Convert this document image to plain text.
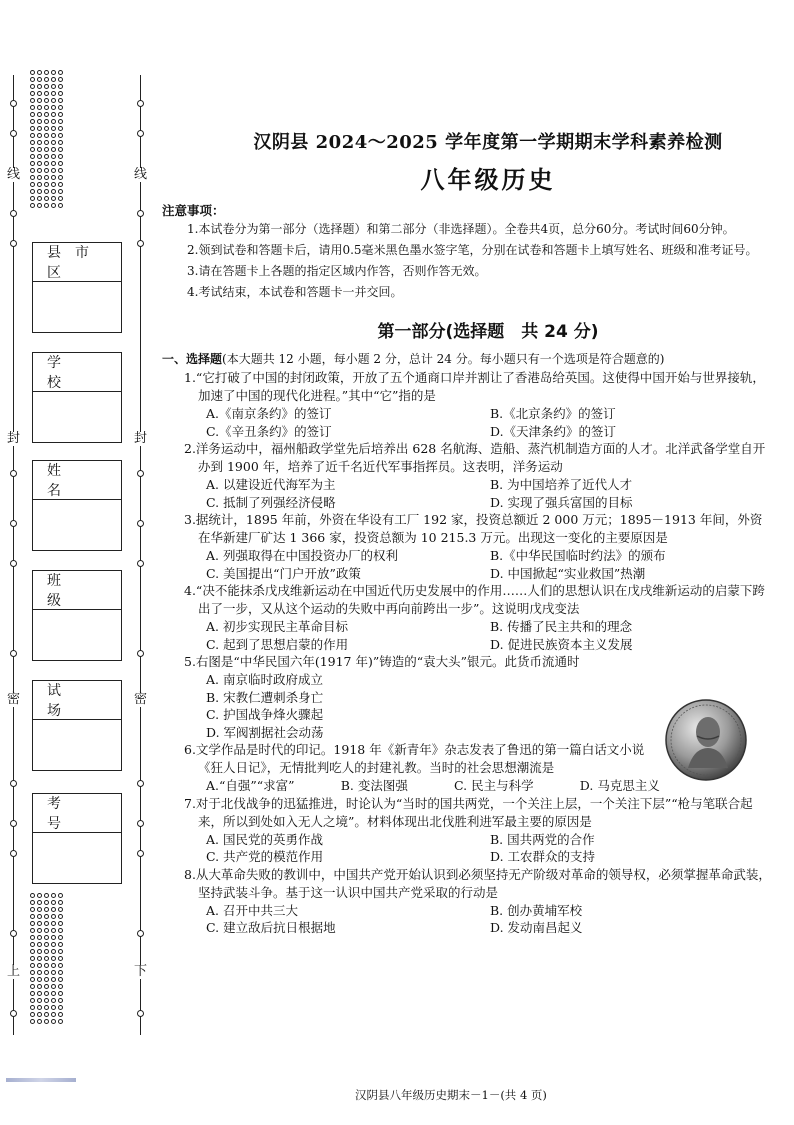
线	线
封	封
密	密
上	下
县市区
学 校
姓 名
班 级
试 场
考 号
汉阴县 2024～2025 学年度第一学期期末学科素养检测
八年级历史
注意事项：
1.本试卷分为第一部分（选择题）和第二部分（非选择题）。全卷共4页，总分60分。考试时间60分钟。
2.领到试卷和答题卡后，请用0.5毫米黑色墨水签字笔，分别在试卷和答题卡上填写姓名、班级和准考证号。
3.请在答题卡上各题的指定区域内作答，否则作答无效。
4.考试结束，本试卷和答题卡一并交回。
第一部分(选择题　共 24 分)
一、选择题(本大题共 12 小题，每小题 2 分，总计 24 分。每小题只有一个选项是符合题意的)
1.“它打破了中国的封闭政策，开放了五个通商口岸并割让了香港岛给英国。这使得中国开始与世界接轨，加速了中国的现代化进程。”其中“它”指的是
A.《南京条约》的签订	B.《北京条约》的签订
C.《辛丑条约》的签订	D.《天津条约》的签订
2.洋务运动中，福州船政学堂先后培养出 628 名航海、造船、蒸汽机制造方面的人才。北洋武备学堂自开办到 1900 年，培养了近千名近代军事指挥员。这表明，洋务运动
A. 以建设近代海军为主	B. 为中国培养了近代人才
C. 抵制了列强经济侵略	D. 实现了强兵富国的目标
3.据统计，1895 年前，外资在华设有工厂 192 家，投资总额近 2 000 万元；1895－1913 年间，外资在华新建厂矿达 1 366 家，投资总额为 10 215.3 万元。出现这一变化的主要原因是
A. 列强取得在中国投资办厂的权利	B.《中华民国临时约法》的颁布
C. 美国提出“门户开放”政策	D. 中国掀起“实业救国”热潮
4.“决不能抹杀戊戌维新运动在中国近代历史发展中的作用……人们的思想认识在戊戌维新运动的启蒙下跨出了一步，又从这个运动的失败中再向前跨出一步”。这说明戊戌变法
A. 初步实现民主革命目标	B. 传播了民主共和的理念
C. 起到了思想启蒙的作用	D. 促进民族资本主义发展
5.右图是“中华民国六年(1917 年)”铸造的“袁大头”银元。此货币流通时
A. 南京临时政府成立
B. 宋教仁遭刺杀身亡
C. 护国战争烽火骤起
D. 军阀割据社会动荡
6.文学作品是时代的印记。1918 年《新青年》杂志发表了鲁迅的第一篇白话文小说《狂人日记》，无情批判吃人的封建礼教。当时的社会思想潮流是
A.“自强”“求富”	B. 变法图强	C. 民主与科学	D. 马克思主义
7.对于北伐战争的迅猛推进，时论认为“当时的国共两党，一个关注上层，一个关注下层”“枪与笔联合起来，所以到处如入无人之境”。材料体现出北伐胜利进军最主要的原因是
A. 国民党的英勇作战	B. 国共两党的合作
C. 共产党的模范作用	D. 工农群众的支持
8.从大革命失败的教训中，中国共产党开始认识到必须坚持无产阶级对革命的领导权，必须掌握革命武装，坚持武装斗争。基于这一认识中国共产党采取的行动是
A. 召开中共三大	B. 创办黄埔军校
C. 建立敌后抗日根据地	D. 发动南昌起义
汉阴县八年级历史期末－1－(共 4 页)
